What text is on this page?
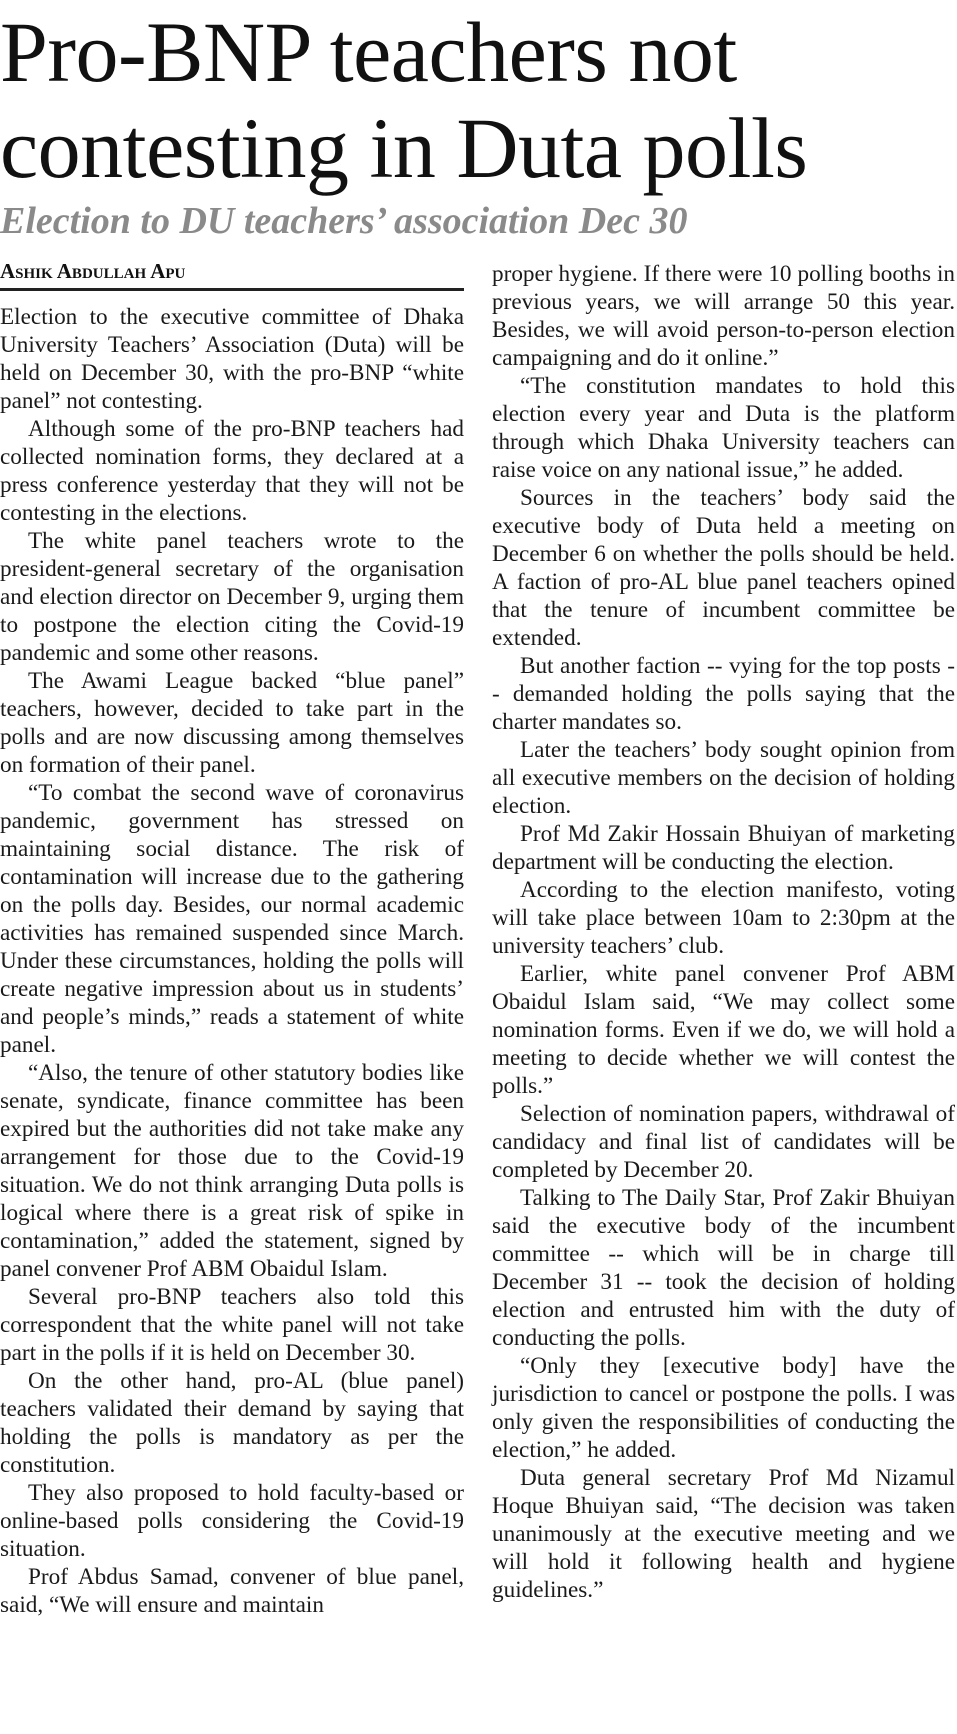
Pro-BNP teachers not contesting in Duta polls
Election to DU teachers’ association Dec 30
Ashik Abdullah Apu

Election to the executive committee of Dhaka University Teachers’ Association (Duta) will be held on December 30, with the pro-BNP “white panel” not contesting.

Although some of the pro-BNP teachers had collected nomination forms, they declared at a press conference yesterday that they will not be contesting in the elections.

The white panel teachers wrote to the president-general secretary of the organisation and election director on December 9, urging them to postpone the election citing the Covid-19 pandemic and some other reasons.

The Awami League backed “blue panel” teachers, however, decided to take part in the polls and are now discussing among themselves on formation of their panel.

“To combat the second wave of coronavirus pandemic, government has stressed on maintaining social distance. The risk of contamination will increase due to the gathering on the polls day. Besides, our normal academic activities has remained suspended since March. Under these circumstances, holding the polls will create negative impression about us in students’ and people’s minds,” reads a statement of white panel.

“Also, the tenure of other statutory bodies like senate, syndicate, finance committee has been expired but the authorities did not take make any arrangement for those due to the Covid-19 situation. We do not think arranging Duta polls is logical where there is a great risk of spike in contamination,” added the statement, signed by panel convener Prof ABM Obaidul Islam.

Several pro-BNP teachers also told this correspondent that the white panel will not take part in the polls if it is held on December 30.

On the other hand, pro-AL (blue panel) teachers validated their demand by saying that holding the polls is mandatory as per the constitution.

They also proposed to hold faculty-based or online-based polls considering the Covid-19 situation.

Prof Abdus Samad, convener of blue panel, said, “We will ensure and maintain

proper hygiene. If there were 10 polling booths in previous years, we will arrange 50 this year. Besides, we will avoid person-to-person election campaigning and do it online.”

“The constitution mandates to hold this election every year and Duta is the platform through which Dhaka University teachers can raise voice on any national issue,” he added.

Sources in the teachers’ body said the executive body of Duta held a meeting on December 6 on whether the polls should be held. A faction of pro-AL blue panel teachers opined that the tenure of incumbent committee be extended.

But another faction -- vying for the top posts -- demanded holding the polls saying that the charter mandates so.

Later the teachers’ body sought opinion from all executive members on the decision of holding election.

Prof Md Zakir Hossain Bhuiyan of marketing department will be conducting the election.

According to the election manifesto, voting will take place between 10am to 2:30pm at the university teachers’ club.

Earlier, white panel convener Prof ABM Obaidul Islam said, “We may collect some nomination forms. Even if we do, we will hold a meeting to decide whether we will contest the polls.”

Selection of nomination papers, withdrawal of candidacy and final list of candidates will be completed by December 20.

Talking to The Daily Star, Prof Zakir Bhuiyan said the executive body of the incumbent committee -- which will be in charge till December 31 -- took the decision of holding election and entrusted him with the duty of conducting the polls.

“Only they [executive body] have the jurisdiction to cancel or postpone the polls. I was only given the responsibilities of conducting the election,” he added.

Duta general secretary Prof Md Nizamul Hoque Bhuiyan said, “The decision was taken unanimously at the executive meeting and we will hold it following health and hygiene guidelines.”
